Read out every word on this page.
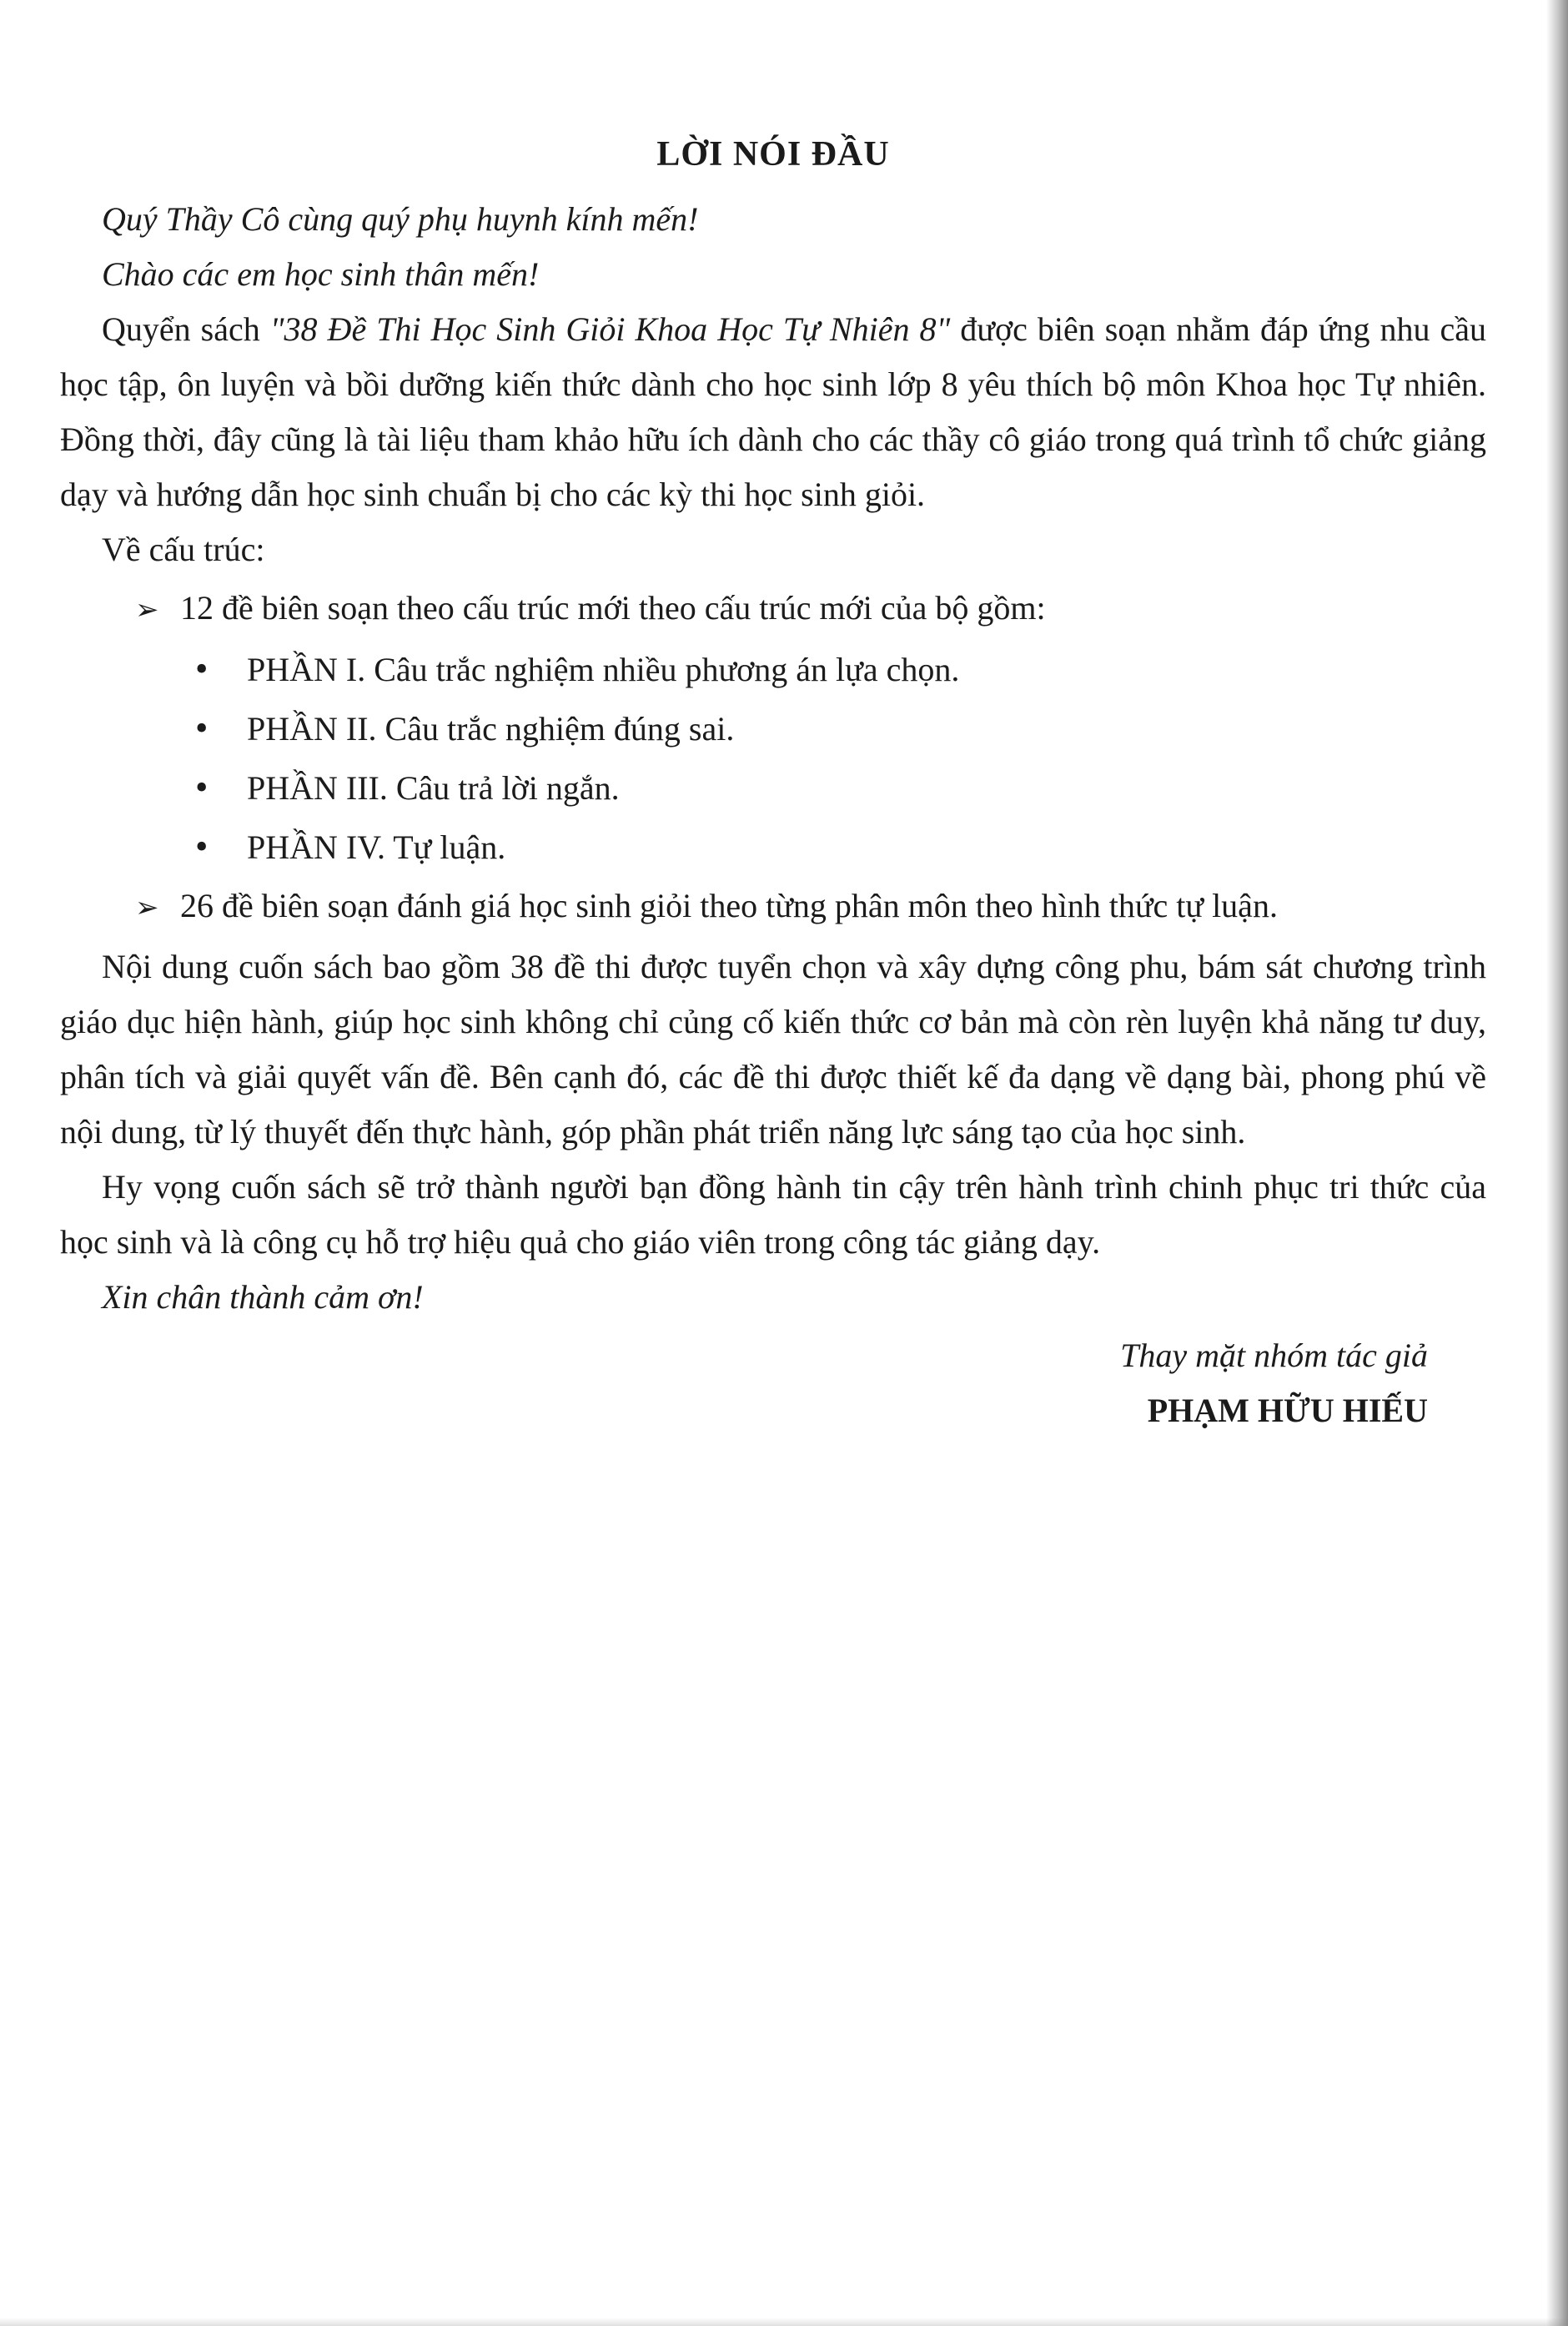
LỜI NÓI ĐẦU

Quý Thầy Cô cùng quý phụ huynh kính mến!

Chào các em học sinh thân mến!

Quyển sách "38 Đề Thi Học Sinh Giỏi Khoa Học Tự Nhiên 8" được biên soạn nhằm đáp ứng nhu cầu học tập, ôn luyện và bồi dưỡng kiến thức dành cho học sinh lớp 8 yêu thích bộ môn Khoa học Tự nhiên. Đồng thời, đây cũng là tài liệu tham khảo hữu ích dành cho các thầy cô giáo trong quá trình tổ chức giảng dạy và hướng dẫn học sinh chuẩn bị cho các kỳ thi học sinh giỏi.

Về cấu trúc:

➢ 12 đề biên soạn theo cấu trúc mới theo cấu trúc mới của bộ gồm:
• PHẦN I. Câu trắc nghiệm nhiều phương án lựa chọn.
• PHẦN II. Câu trắc nghiệm đúng sai.
• PHẦN III. Câu trả lời ngắn.
• PHẦN IV. Tự luận.
➢ 26 đề biên soạn đánh giá học sinh giỏi theo từng phân môn theo hình thức tự luận.

Nội dung cuốn sách bao gồm 38 đề thi được tuyển chọn và xây dựng công phu, bám sát chương trình giáo dục hiện hành, giúp học sinh không chỉ củng cố kiến thức cơ bản mà còn rèn luyện khả năng tư duy, phân tích và giải quyết vấn đề. Bên cạnh đó, các đề thi được thiết kế đa dạng về dạng bài, phong phú về nội dung, từ lý thuyết đến thực hành, góp phần phát triển năng lực sáng tạo của học sinh.

Hy vọng cuốn sách sẽ trở thành người bạn đồng hành tin cậy trên hành trình chinh phục tri thức của học sinh và là công cụ hỗ trợ hiệu quả cho giáo viên trong công tác giảng dạy.

Xin chân thành cảm ơn!

Thay mặt nhóm tác giả

PHẠM HỮU HIẾU
